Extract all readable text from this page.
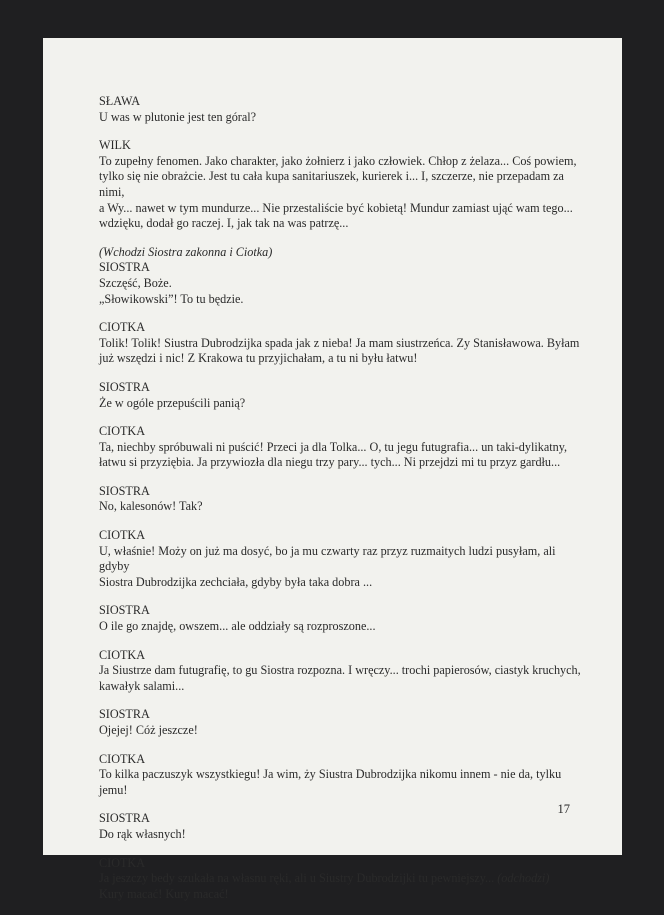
SŁAWA
U was w plutonie jest ten góral?
WILK
To zupełny fenomen. Jako charakter, jako żołnierz i jako człowiek. Chłop z żelaza... Coś powiem,
tylko się nie obrażcie. Jest tu cała kupa sanitariuszek, kurierek i... I, szczerze, nie przepadam za nimi,
a Wy... nawet w tym mundurze... Nie przestaliście być kobietą! Mundur zamiast ująć wam tego...
wdzięku, dodał go raczej. I, jak tak na was patrzę...
(Wchodzi Siostra zakonna i Ciotka)
SIOSTRA
Szczęść, Boże.
„Słowikowski”! To tu będzie.
CIOTKA
Tolik! Tolik! Siustra Dubrodzijka spada jak z nieba! Ja mam siustrzeńca. Zy Stanisławowa. Byłam
już wszędzi i nic! Z Krakowa tu przyjichałam, a tu ni byłu łatwu!
SIOSTRA
Że w ogóle przepuścili panią?
CIOTKA
Ta, niechby spróbuwali ni puścić! Przeci ja dla Tolka... O, tu jegu futugrafia... un taki-dylikatny,
łatwu si przyziębia. Ja przywiozła dla niegu trzy pary... tych... Ni przejdzi mi tu przyz gardłu...
SIOSTRA
No, kalesonów! Tak?
CIOTKA
U, właśnie! Moży on już ma dosyć, bo ja mu czwarty raz przyz ruzmaitych ludzi pusyłam, ali gdyby
Siostra Dubrodzijka zechciała, gdyby była taka dobra ...
SIOSTRA
O ile go znajdę, owszem... ale oddziały są rozproszone...
CIOTKA
Ja Siustrze dam futugrafię, to gu Siostra rozpozna. I wręczy... trochi papierosów, ciastyk kruchych,
kawałyk salami...
SIOSTRA
Ojejej! Cóż jeszcze!
CIOTKA
To kilka paczuszyk wszystkiegu! Ja wim, ży Siustra Dubrodzijka nikomu innem - nie da, tylku jemu!
SIOSTRA
Do rąk własnych!
CIOTKA
Ja jeszczy bedy szukała na własnu ręki, ali u Siustry Dubrodzijki tu pewniejszy... (odchodzi)
Kury macać! Kury macać!
17
